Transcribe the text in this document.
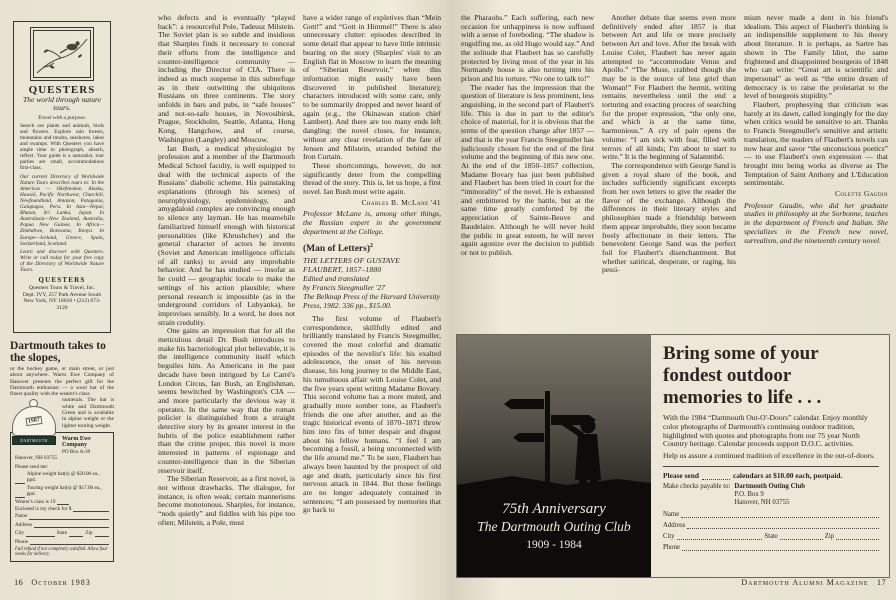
QUESTERS
The world through nature tours.
Travel with a purpose.

Search out plants and animals, birds and flowers. Explore rain forests, mountains and tundra, seashores, lakes and swamps. With Questers you have ample time to photograph, absorb, reflect. Your guide is a naturalist, tour parties are small, accommodations first-class.

Our current Directory of Worldwide Nature Tours describes tours to: In the Americas — Okefenokee, Alaska, Hawaii, Pacific Northwest, Churchill, Newfoundland, Amazon, Patagonia, Galapagos, Peru. In Asia—Nepal, Bhutan, Sri Lanka, Japan. In Australasia—New Zealand, Australia, Papua New Guinea. In Africa—Zimbabwe, Botswana, Kenya. In Europe—Iceland, Greece, Spain, Switzerland, Scotland.

Learn and discover with Questers. Write or call today for your free copy of the Directory of Worldwide Nature Tours.

QUESTERS
Questers Tours & Travel, Inc.
Dept. IVY, 257 Park Avenue South
New York, NY 10010 • (212) 673-3120
Dartmouth takes to the slopes,
or the hockey game, or main street, or just about anywhere. Warm Ewe Company of Hanover presents the perfect gift for the Dartmouth enthusiast — a wool hat of the finest quality with the wearer's class
1987
DARTMOUTH

numerals. The hat is white and Dartmouth Green and is available in alpine weight or the lighter touring weight.

Warm Ewe Company
PO Box A-39
Hanover, NH 03755
Please send me:
Alpine weight hat(s) @ $20.00 ea., ppd.
Touring weight hat(s) @ $17.00 ea., ppd.
Wearer's class is 19
Enclosed is my check for $
Name
Address
City	State	Zip
Phone
Full refund if not completely satisfied. Allow four weeks for delivery.

who defects and is eventually “played back”: a resourceful Pole, Tadeusz Milstein. The Soviet plan is so subtle and insidious that Sharples finds it necessary to conceal their efforts from the intelligence and counter-intelligence community — including the Director of CIA. There is indeed as much suspense in this subterfuge as in their outwitting the ubiquitous Russians on three continents. The story unfolds in bars and pubs, in “safe houses” and not-so-safe houses, in Novosibirsk, Prague, Stockholm, Seattle, Atlanta, Hong Kong, Hangchow, and of course, Washington (Langley) and Moscow.

Ian Bush, a medical physiologist by profession and a member of the Dartmouth Medical School faculty, is well equipped to deal with the technical aspects of the Russians’ diabolic scheme. His painstaking explanations (through his scenes) of neurophysiology, epidemiology, and amygdaloid complex are convincing enough to silence any layman. He has meanwhile familiarized himself enough with historical personalities (like Khrushchev) and the general character of actors he invents (Soviet and American intelligence officials of all ranks) to avoid any improbable behavior. And he has studied — insofar as he could — geographic locale to make the settings of his action plausible; where personal research is impossible (as in the underground corridors of Lubyanka), he improvises sensibly. In a word, he does not strain credulity.

One gains an impression that for all the meticulous detail Dr. Bush introduces to make his bacteriological plot believable, it is the intelligence community itself which beguiles him. As Americans in the past decade have been intrigued by Le Carré's London Circus, Ian Bush, an Englishman, seems bewitched by Washington's CIA — and more particularly the devious way it operates. In the same way that the roman policier is distinguished from a straight detective story by its greater interest in the hubris of the police establishment rather than the crime proper, this novel is more interested in patterns of espionage and counter-intelligence than in the Siberian reservoir itself.

The Siberian Reservoir, as a first novel, is not without drawbacks. The dialogue, for instance, is often weak; certain mannerisms become monotonous. Sharples, for instance, “nods quietly” and fiddles with his pipe too often; Milstein, a Pole, must

have a wider range of expletives than “Mein Gott!” and “Gott in Himmel!” There is also unnecessary clutter: episodes described in some detail that appear to have little intrinsic bearing on the story (Sharples' visit to an English flat in Moscow to learn the meaning of “Siberian Reservoir,” when this information might easily have been discovered in published literature); characters introduced with some care, only to be summarily dropped and never heard of again (e.g., the Okinawan station chief Lambert). And there are too many ends left dangling: the novel closes, for instance, without any clear revelation of the fate of Jensen and Milstein, stranded behind the Iron Curtain.

These shortcomings, however, do not significantly deter from the compelling thread of the story. This is, let us hope, a first novel. Ian Bush must write again.

Charles B. McLane '41
Professor McLane is, among other things, the Russian expert in the government department at the College.
(Man of Letters)$^2$
THE LETTERS OF GUSTAVE FLAUBERT, 1857–1880
Edited and translated
by Francis Steegmuller '27
The Belknap Press of the Harvard University Press, 1982. 336 pp., $15.00.

The first volume of Flaubert's correspondence, skillfully edited and brilliantly translated by Francis Steegmuller, covered the most colorful and dramatic episodes of the novelist's life: his exalted adolescence, the onset of his nervous disease, his long journey to the Middle East, his tumultuous affair with Louise Colet, and the five years spent writing Madame Bovary. This second volume has a more muted, and gradually more somber tone, as Flaubert's friends die one after another, and as the tragic historical events of 1870–1871 throw him into fits of bitter despair and disgust about his fellow humans. “I feel I am becoming a fossil, a being unconnected with the life around me.” To be sure, Flaubert has always been haunted by the prospect of old age and death, particularly since his first nervous attack in 1844. But those feelings are no longer adequately contained in sentences; “I am possessed by memories that go back to

the Pharaohs.” Each suffering, each new occasion for unhappiness is now suffused with a sense of foreboding. “The shadow is engulfing me, as old Hugo would say.” And the solitude that Flaubert has so carefully protected by living most of the year in his Normandy house is also turning into his prison and his torture. “No one to talk to!”

The reader has the impression that the question of literature is less prominent, less anguishing, in the second part of Flaubert's life. This is due in part to the editor's choice of material, for it is obvious that the terms of the question change after 1857 — and that is the year Francis Steegmuller has judiciously chosen for the end of the first volume and the beginning of this new one. At the end of the 1850–1857 collection, Madame Bovary has just been published and Flaubert has been tried in court for the “immorality” of the novel. He is exhausted and embittered by the battle, but at the same time greatly comforted by the appreciation of Sainte-Beuve and Baudelaire. Although he will never hold the public in great esteem, he will never again agonize over the decision to publish or not to publish.

Another debate that seems even more definitively ended after 1857 is that between Art and life or more precisely between Art and love. After the break with Louise Colet, Flaubert has never again attempted to “accommodate Venus and Apollo.” “The Muse, crabbed though she may be is the source of less grief than Woman!” For Flaubert the hermit, writing remains nevertheless until the end a torturing and exacting process of searching for the proper expression, “the only one, and which is at the same time, harmonious.” A cry of pain opens the volume: “I am sick with fear, filled with terrors of all kinds; I'm about to start to write.” It is the beginning of Salammbô.

The correspondence with George Sand is given a royal share of the book, and includes sufficiently significant excerpts from her own letters to give the reader the flavor of the exchange. Although the differences in their literary styles and philosophies made a friendship between them appear improbable, they soon became freely affectionate in their letters. The benevolent George Sand was the perfect foil for Flaubert's disenchantment. But whether satirical, desperate, or raging, his pessi-

mism never made a dent in his friend's idealism. This aspect of Flaubert's thinking is an indispensible supplement to his theory about literature. It is perhaps, as Sartre has shown in The Family Idiot, the same frightened and disappointed bourgeois of 1848 who can write: “Great art is scientific and impersonal” as well as “the entire dream of democracy is to raise the proletariat to the level of bourgeois stupidity.”

Flaubert, prophesying that criticism was barely at its dawn, called longingly for the day when critics would be sensitive to art. Thanks to Francis Steegmuller's sensitive and artistic translation, the readers of Flaubert's novels can now hear and savor “the unconscious poetics” — to use Flaubert's own expression — that brought into being works as diverse as The Temptation of Saint Anthony and L'Education sentimentale.

Colette Gaudin
Professor Gaudin, who did her graduate studies in philosophy at the Sorbonne, teaches in the department of French and Italian. She specializes in the French new novel, surrealism, and the nineteenth century novel.
75th Anniversary
The Dartmouth Outing Club
1909 - 1984
Bring some of your fondest outdoor memories to life . . .

With the 1984 “Dartmouth Out-O'-Doors” calendar. Enjoy monthly color photographs of Dartmouth's continuing outdoor tradition, highlighted with quotes and photographs from our 75 year North Country heritage. Calendar proceeds support D.O.C. activities.

Help us assure a continued tradition of excellence in the out-of-doors.

Please send	calendars at $10.00 each, postpaid.
Make checks payable to: Dartmouth Outing Club
P.O. Box 9
Hanover, NH 03755
Name
Address
City	State	Zip
Phone
16 October 1983	Dartmouth Alumni Magazine 17
